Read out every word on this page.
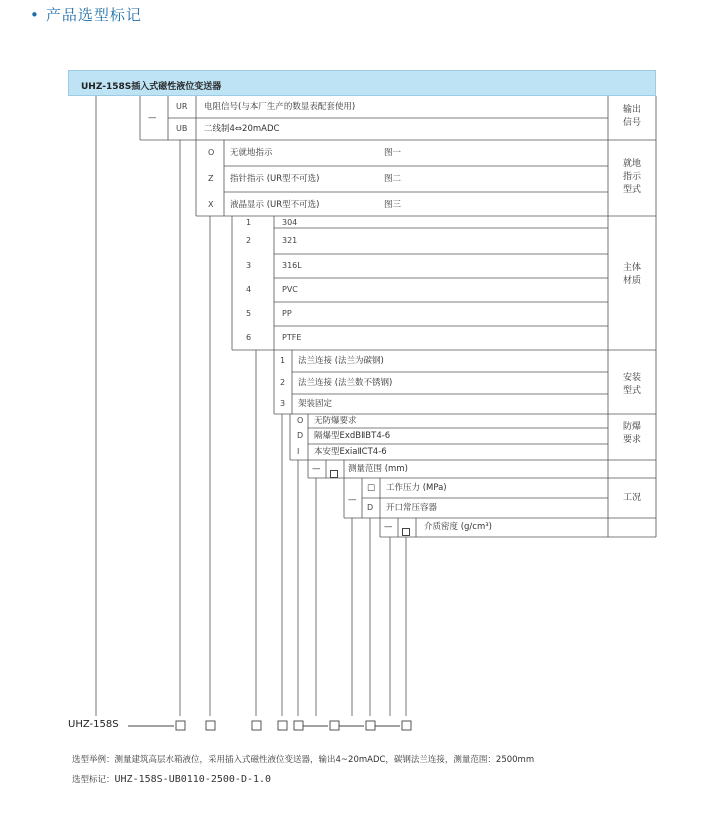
• 产品选型标记
UHZ-158S插入式磁性液位变送器
—
UR 电阻信号(与本厂生产的数显表配套使用)
UB 二线制4⇔20mADC
输出
信号
O 无就地指示	图一
Z 指针指示 (UR型不可选)	图二
X 液晶显示 (UR型不可选)	图三
就地
指示
型式
1	304
2	321
3	316L
4	PVC
5	PP
6	PTFE
主体
材质
1 法兰连接 (法兰为碳钢)
2 法兰连接 (法兰数不锈钢)
3 架装固定
安装
型式
O 无防爆要求
D 隔爆型ExdBⅡBT4-6
I 本安型ExiaⅡCT4-6
防爆
要求
—	测量范围 (mm)
—
□ 工作压力 (MPa)
D 开口常压容器
工况
—	介质密度 (g/cm³)
UHZ-158S
选型举例：测量建筑高层水箱液位，采用插入式磁性液位变送器，输出4~20mADC，碳钢法兰连接，测量范围：2500mm
选型标记：UHZ-158S-UB0110-2500-D-1.0
